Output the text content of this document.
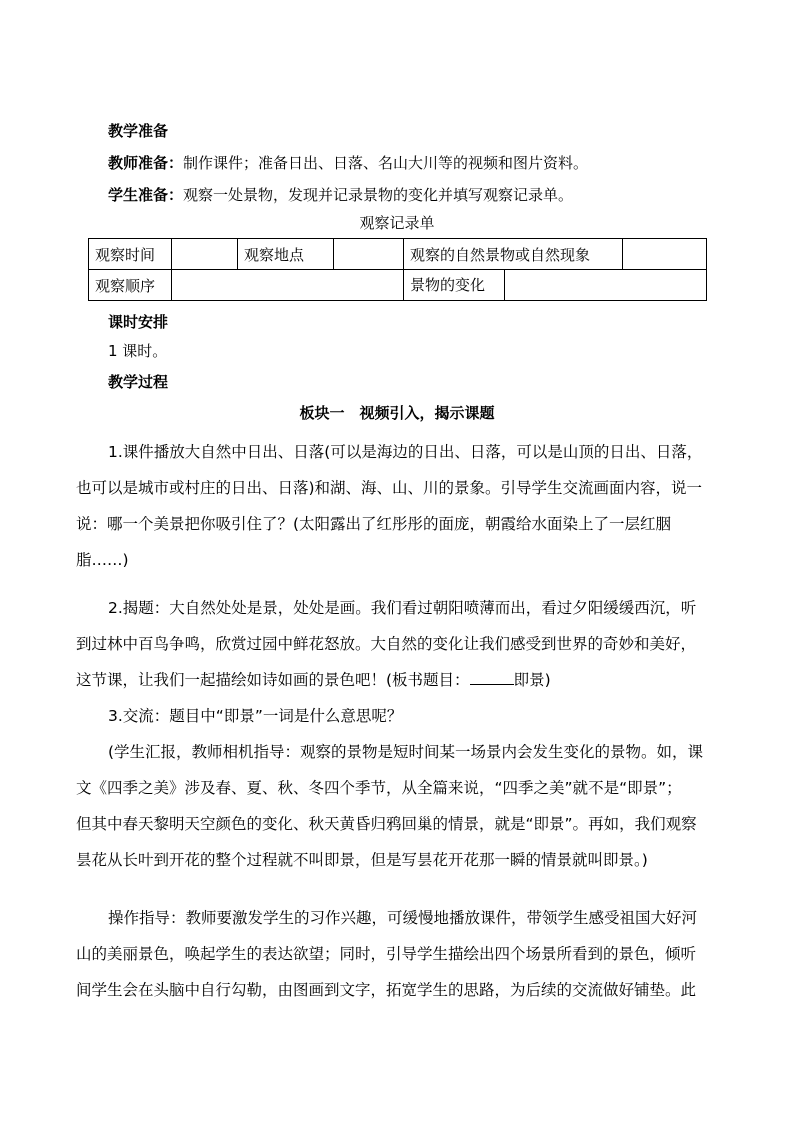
教学准备
教师准备：制作课件；准备日出、日落、名山大川等的视频和图片资料。
学生准备：观察一处景物，发现并记录景物的变化并填写观察记录单。
观察记录单
观察时间		观察地点		观察的自然景物或自然现象	
观察顺序				景物的变化	
课时安排
1 课时。
教学过程
板块一　视频引入，揭示课题
1.课件播放大自然中日出、日落(可以是海边的日出、日落，可以是山顶的日出、日落，
也可以是城市或村庄的日出、日落)和湖、海、山、川的景象。引导学生交流画面内容，说一
说：哪一个美景把你吸引住了？(太阳露出了红彤彤的面庞，朝霞给水面染上了一层红胭
脂……)
2.揭题：大自然处处是景，处处是画。我们看过朝阳喷薄而出，看过夕阳缓缓西沉，听
到过林中百鸟争鸣，欣赏过园中鲜花怒放。大自然的变化让我们感受到世界的奇妙和美好，
这节课，让我们一起描绘如诗如画的景色吧！(板书题目：	即景)
3.交流：题目中“即景”一词是什么意思呢？
(学生汇报，教师相机指导：观察的景物是短时间某一场景内会发生变化的景物。如，课
文《四季之美》涉及春、夏、秋、冬四个季节，从全篇来说，“四季之美”就不是“即景”；
但其中春天黎明天空颜色的变化、秋天黄昏归鸦回巢的情景，就是“即景”。再如，我们观察
昙花从长叶到开花的整个过程就不叫即景，但是写昙花开花那一瞬的情景就叫即景。)
操作指导：教师要激发学生的习作兴趣，可缓慢地播放课件，带领学生感受祖国大好河
山的美丽景色，唤起学生的表达欲望；同时，引导学生描绘出四个场景所看到的景色，倾听
间学生会在头脑中自行勾勒，由图画到文字，拓宽学生的思路，为后续的交流做好铺垫。此
